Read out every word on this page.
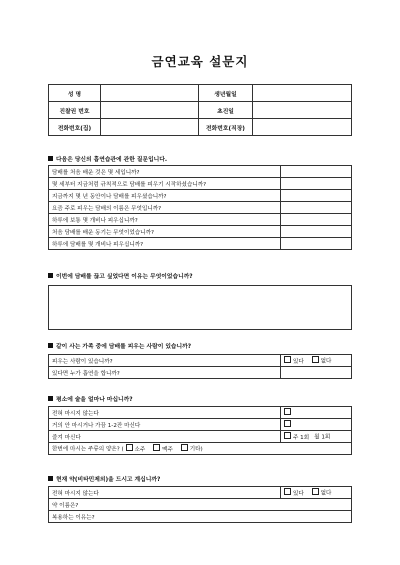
금연교육 설문지
성 명		생년월일	
진찰권 번호		초진일	
전화번호(집)		전화번호(직장)	
다음은 당신의 흡연습관에 관한 질문입니다.
담배를 처음 배운 것은 몇 세입니까?	
몇 세부터 지금처럼 규칙적으로 담배를 피우기 시작하셨습니까?	
지금까지 몇 년 동안이나 담배를 피우셨습니까?	
요즘 주로 피우는 담배의 이름은 무엇입니까?	
하루에 보통 몇 개비나 피우십니까?	
처음 담배를 배운 동기는 무엇이었습니까?	
하루에 담배를 몇 개비나 피우십니까?	
이번에 담배를 끊고 싶었다면 이유는 무엇이었습니까?
같이 사는 가족 중에 담배를 피우는 사람이 있습니까?
피우는 사람이 있습니까?	있다 없다
있다면 누가 흡연을 합니까?	
평소에 술을 얼마나 마십니까?
전혀 마시지 않는다	
거의 안 마시거나 가끔 1-2잔 마신다	
즐겨 마신다	주 1회 월 1회
한번에 마시는 주류의 양은? ( 소주 맥주 기타)	
현재 약(비타민제외)을 드시고 계십니까?
전혀 마시지 않는다	있다	없다
약 이름은?
복용하는 이유는?
